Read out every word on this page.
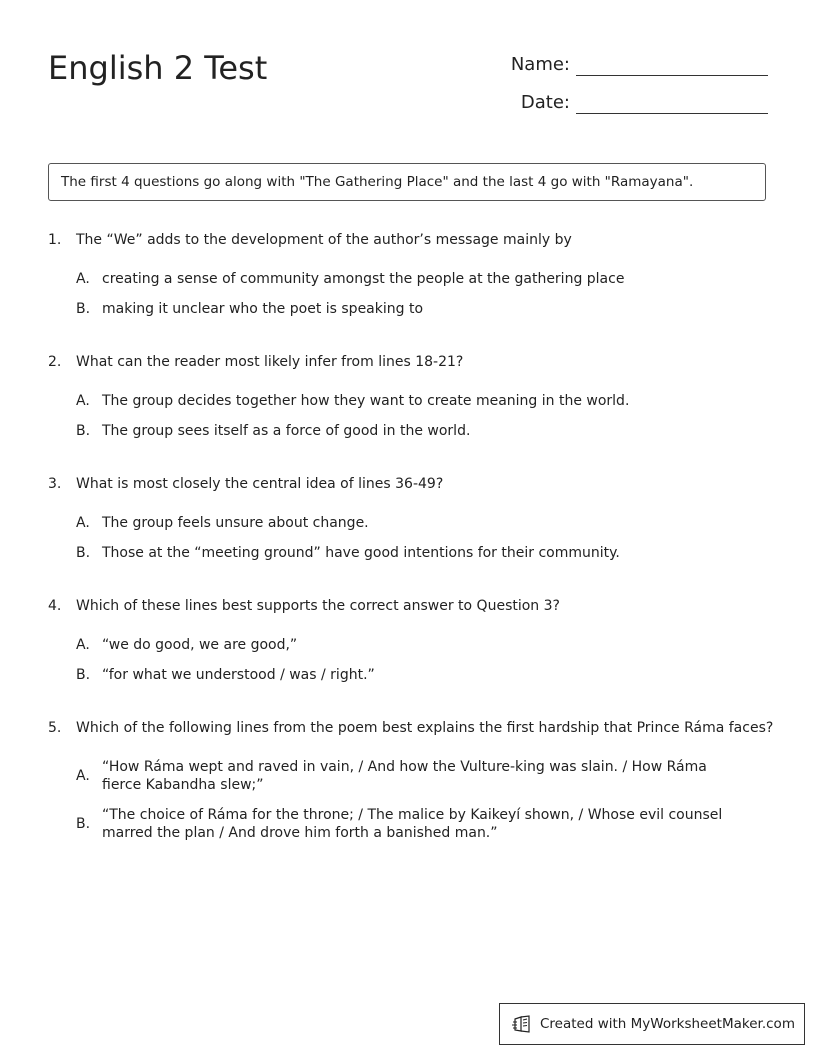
English 2 Test	Name:
Date:
The first 4 questions go along with "The Gathering Place" and the last 4 go with "Ramayana".
1.	The “We” adds to the development of the author’s message mainly by
A. creating a sense of community amongst the people at the gathering place
B. making it unclear who the poet is speaking to
2.	What can the reader most likely infer from lines 18-21?
A. The group decides together how they want to create meaning in the world.
B. The group sees itself as a force of good in the world.
3.	What is most closely the central idea of lines 36-49?
A. The group feels unsure about change.
B. Those at the “meeting ground” have good intentions for their community.
4.	Which of these lines best supports the correct answer to Question 3?
A. “we do good, we are good,”
B. “for what we understood / was / right.”
5.	Which of the following lines from the poem best explains the first hardship that Prince Ráma faces?
A.
“How Ráma wept and raved in vain, / And how the Vulture-king was slain. / How Ráma fierce Kabandha slew;”
B.
“The choice of Ráma for the throne; / The malice by Kaikeyí shown, / Whose evil counsel marred the plan / And drove him forth a banished man.”
Created with MyWorksheetMaker.com
